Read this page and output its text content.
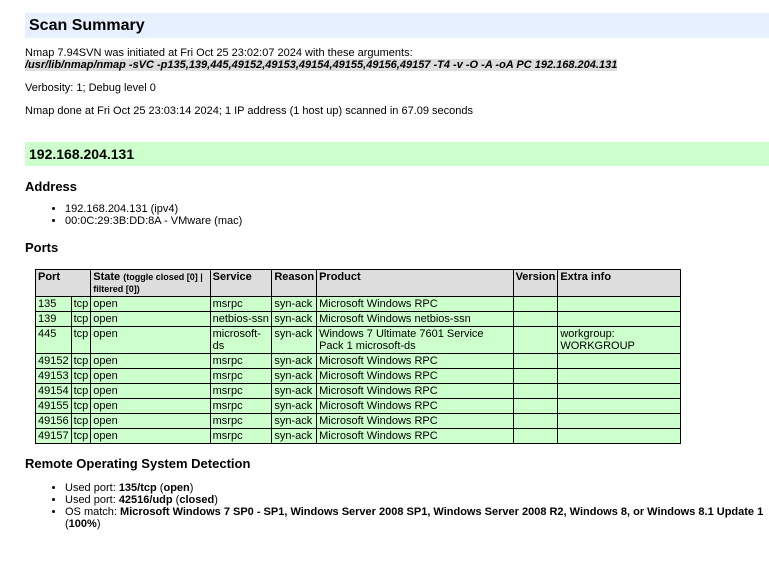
Scan Summary
Nmap 7.94SVN was initiated at Fri Oct 25 23:02:07 2024 with these arguments:
/usr/lib/nmap/nmap -sVC -p135,139,445,49152,49153,49154,49155,49156,49157 -T4 -v -O -A -oA PC 192.168.204.131
Verbosity: 1; Debug level 0
Nmap done at Fri Oct 25 23:03:14 2024; 1 IP address (1 host up) scanned in 67.09 seconds
192.168.204.131
Address
• 192.168.204.131 (ipv4)
• 00:0C:29:3B:DD:8A - VMware (mac)
Ports
Port		State (toggle closed [0] | filtered [0])	Service	Reason	Product	Version	Extra info
135	tcp	open	msrpc	syn-ack	Microsoft Windows RPC		
139	tcp	open	netbios-ssn	syn-ack	Microsoft Windows netbios-ssn		
445	tcp	open	microsoft-ds	syn-ack	Windows 7 Ultimate 7601 Service Pack 1 microsoft-ds		workgroup: WORKGROUP
49152	tcp	open	msrpc	syn-ack	Microsoft Windows RPC		
49153	tcp	open	msrpc	syn-ack	Microsoft Windows RPC		
49154	tcp	open	msrpc	syn-ack	Microsoft Windows RPC		
49155	tcp	open	msrpc	syn-ack	Microsoft Windows RPC		
49156	tcp	open	msrpc	syn-ack	Microsoft Windows RPC		
49157	tcp	open	msrpc	syn-ack	Microsoft Windows RPC		
Remote Operating System Detection
• Used port: 135/tcp (open)
• Used port: 42516/udp (closed)
• OS match: Microsoft Windows 7 SP0 - SP1, Windows Server 2008 SP1, Windows Server 2008 R2, Windows 8, or Windows 8.1 Update 1 (100%)
